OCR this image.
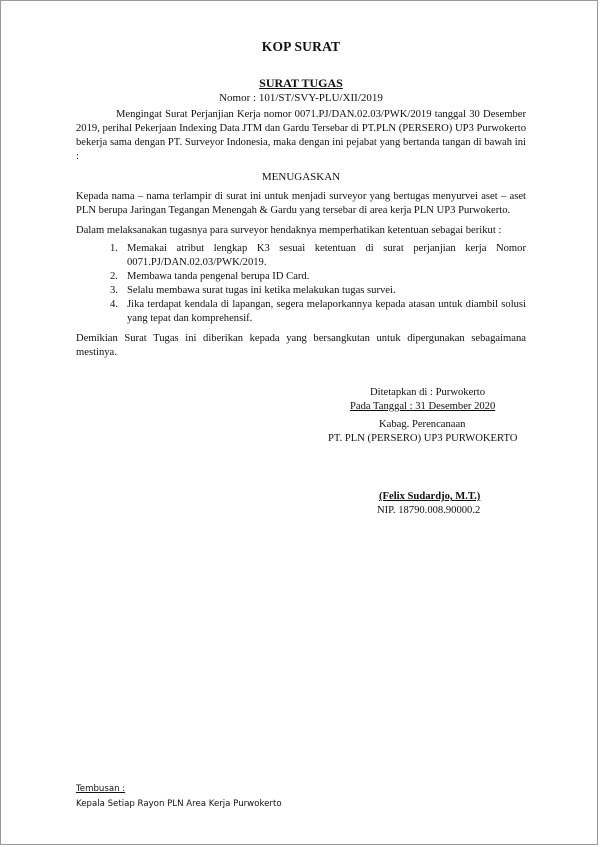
KOP SURAT
SURAT TUGAS
Nomor : 101/ST/SVY-PLU/XII/2019
Mengingat Surat Perjanjian Kerja nomor 0071.PJ/DAN.02.03/PWK/2019 tanggal 30 Desember 2019, perihal Pekerjaan Indexing Data JTM dan Gardu Tersebar di PT.PLN (PERSERO) UP3 Purwokerto bekerja sama dengan PT. Surveyor Indonesia, maka dengan ini pejabat yang bertanda tangan di bawah ini :
MENUGASKAN
Kepada nama – nama terlampir di surat ini untuk menjadi surveyor yang bertugas menyurvei aset – aset PLN berupa Jaringan Tegangan Menengah & Gardu yang tersebar di area kerja PLN UP3 Purwokerto.
Dalam melaksanakan tugasnya para surveyor hendaknya memperhatikan ketentuan sebagai berikut :
1. Memakai atribut lengkap K3 sesuai ketentuan di surat perjanjian kerja Nomor 0071.PJ/DAN.02.03/PWK/2019.
2. Membawa tanda pengenal berupa ID Card.
3. Selalu membawa surat tugas ini ketika melakukan tugas survei.
4. Jika terdapat kendala di lapangan, segera melaporkannya kepada atasan untuk diambil solusi yang tepat dan komprehensif.
Demikian Surat Tugas ini diberikan kepada yang bersangkutan untuk dipergunakan sebagaimana mestinya.
Ditetapkan di : Purwokerto
Pada Tanggal : 31 Desember 2020
Kabag. Perencanaan
PT. PLN (PERSERO) UP3 PURWOKERTO
(Felix Sudardjo, M.T.)
NIP. 18790.008.90000.2
Tembusan :
Kepala Setiap Rayon PLN Area Kerja Purwokerto
